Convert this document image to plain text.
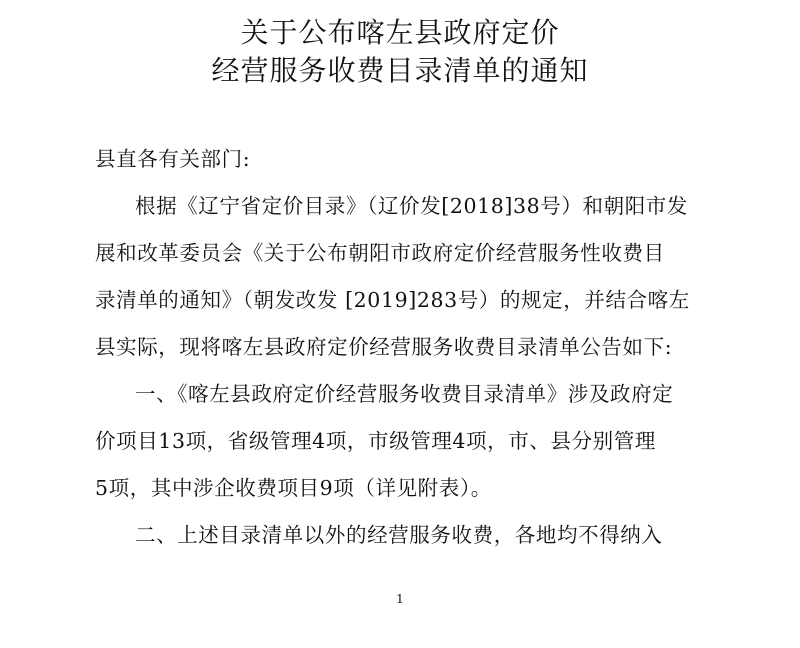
关于公布喀左县政府定价
经营服务收费目录清单的通知
县直各有关部门:
根据《辽宁省定价目录》（辽价发[2018]38号）和朝阳市发
展和改革委员会《关于公布朝阳市政府定价经营服务性收费目
录清单的通知》（朝发改发 [2019]283号）的规定，并结合喀左
县实际，现将喀左县政府定价经营服务收费目录清单公告如下:
一、《喀左县政府定价经营服务收费目录清单》涉及政府定
价项目13项，省级管理4项，市级管理4项，市、县分别管理
5项，其中涉企收费项目9项（详见附表）。
二、上述目录清单以外的经营服务收费，各地均不得纳入
1
